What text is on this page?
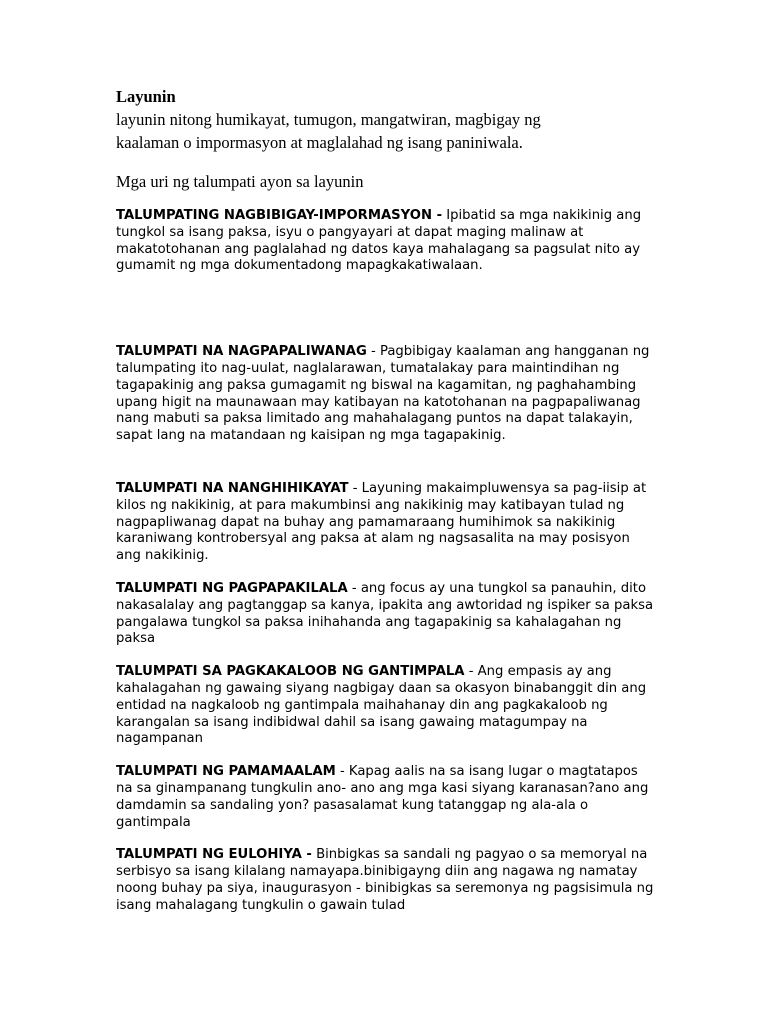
Layunin

layunin nitong humikayat, tumugon, mangatwiran, magbigay ng kaalaman o impormasyon at maglalahad ng isang paniniwala.

Mga uri ng talumpati ayon sa layunin

TALUMPATING NAGBIBIGAY-IMPORMASYON - Ipibatid sa mga nakikinig ang tungkol sa isang paksa, isyu o pangyayari at dapat maging malinaw at makatotohanan ang paglalahad ng datos kaya mahalagang sa pagsulat nito ay gumamit ng mga dokumentadong mapagkakatiwalaan.

TALUMPATI NA NAGPAPALIWANAG - Pagbibigay kaalaman ang hangganan ng talumpating ito nag-uulat, naglalarawan, tumatalakay para maintindihan ng tagapakinig ang paksa gumagamit ng biswal na kagamitan, ng paghahambing upang higit na maunawaan may katibayan na katotohanan na pagpapaliwanag nang mabuti sa paksa limitado ang mahahalagang puntos na dapat talakayin, sapat lang na matandaan ng kaisipan ng mga tagapakinig.

TALUMPATI NA NANGHIHIKAYAT - Layuning makaimpluwensya sa pag-iisip at kilos ng nakikinig, at para makumbinsi ang nakikinig may katibayan tulad ng nagpapliwanag dapat na buhay ang pamamaraang humihimok sa nakikinig karaniwang kontrobersyal ang paksa at alam ng nagsasalita na may posisyon ang nakikinig.

TALUMPATI NG PAGPAPAKILALA - ang focus ay una tungkol sa panauhin, dito nakasalalay ang pagtanggap sa kanya, ipakita ang awtoridad ng ispiker sa paksa pangalawa tungkol sa paksa inihahanda ang tagapakinig sa kahalagahan ng paksa

TALUMPATI SA PAGKAKALOOB NG GANTIMPALA - Ang empasis ay ang kahalagahan ng gawaing siyang nagbigay daan sa okasyon binabanggit din ang entidad na nagkaloob ng gantimpala maihahanay din ang pagkakaloob ng karangalan sa isang indibidwal dahil sa isang gawaing matagumpay na nagampanan

TALUMPATI NG PAMAMAALAM - Kapag aalis na sa isang lugar o magtatapos na sa ginampanang tungkulin ano- ano ang mga kasi siyang karanasan?ano ang damdamin sa sandaling yon? pasasalamat kung tatanggap ng ala-ala o gantimpala

TALUMPATI NG EULOHIYA - Binbigkas sa sandali ng pagyao o sa memoryal na serbisyo sa isang kilalang namayapa.binibigayng diin ang nagawa ng namatay noong buhay pa siya, inaugurasyon - binibigkas sa seremonya ng pagsisimula ng isang mahalagang tungkulin o gawain tulad
